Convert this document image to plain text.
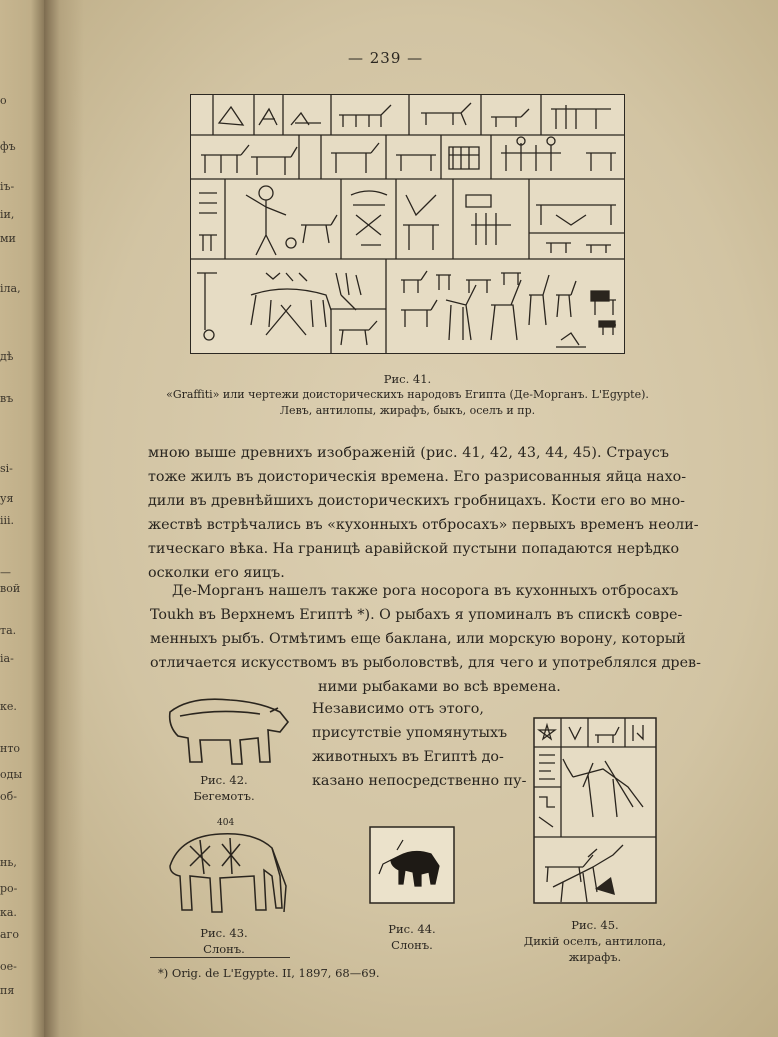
о
фъ
іъ-
іи,
ми
іла,
дѣ
въ
si-
уя
iii.
—
вой
та.
іа-
ке.
нто
оды
об-
нь,
ро-
ка.
аго
ое-
пя
— 239 —
Рис. 41.
«Graffiti» или чертежи доисторическихъ народовъ Египта (Де-Морганъ. L'Egypte).
Левъ, антилопы, жирафъ, быкъ, оселъ и пр.
мною выше древнихъ изображеній (рис. 41, 42, 43, 44, 45). Страусъ
тоже жилъ въ доисторическія времена. Его разрисованныя яйца нахо-
дили въ древнѣйшихъ доисторическихъ гробницахъ. Кости его во мно-
жествѣ встрѣчались въ «кухонныхъ отбросахъ» первыхъ временъ неоли-
тическаго вѣка. На границѣ аравійской пустыни попадаются нерѣдко
осколки его яицъ.
Де-Морганъ нашелъ также рога носорога въ кухонныхъ отбросахъ
Toukh въ Верхнемъ Египтѣ *). О рыбахъ я упоминалъ въ спискѣ совре-
менныхъ рыбъ. Отмѣтимъ еще баклана, или морскую ворону, который
отличается искусствомъ въ рыболовствѣ, для чего и употреблялся древ-
ними рыбаками во всѣ времена.
Независимо отъ этого,
присутствіе упомянутыхъ
животныхъ въ Египтѣ до-
казано непосредственно пу-
Рис. 42.
Бегемотъ.
404
Рис. 43.
Слонъ.
Рис. 44.
Слонъ.
Рис. 45.
Дикій оселъ, антилопа,
жирафъ.
*) Orig. de L'Egypte. II, 1897, 68—69.
